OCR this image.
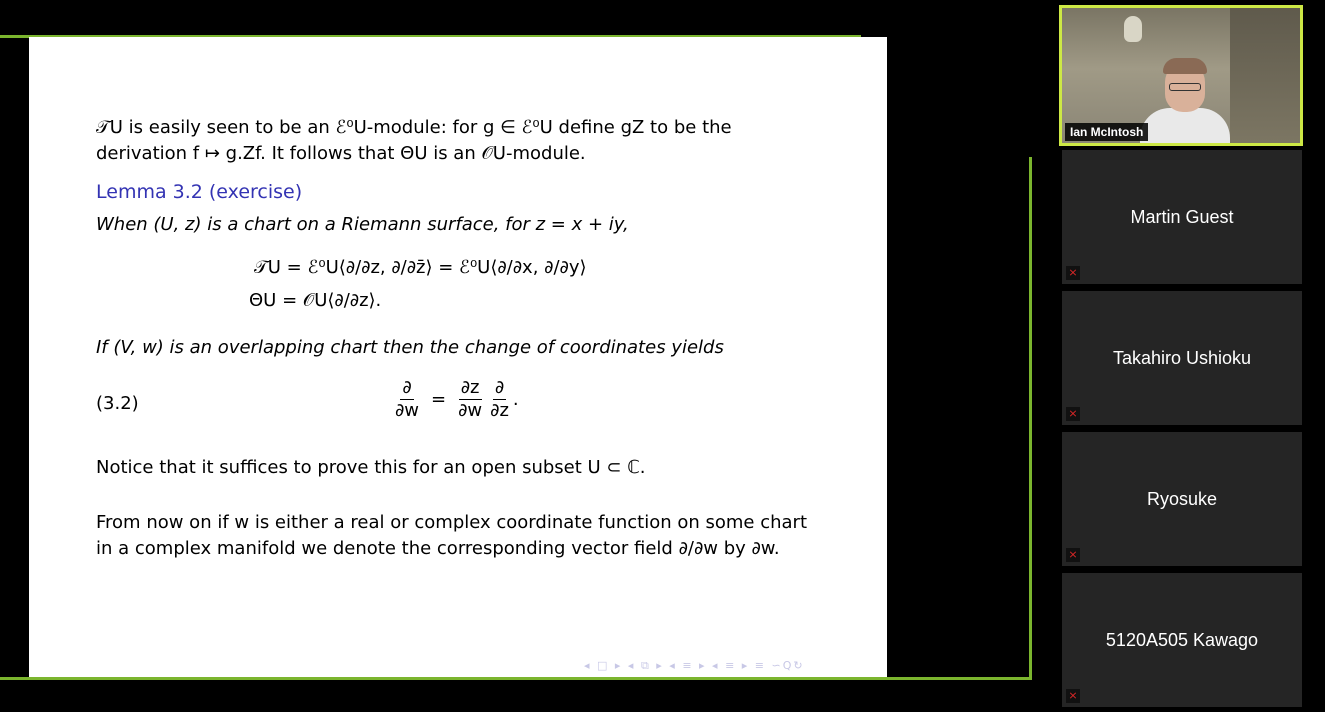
𝒯U is easily seen to be an ℰ⁰U-module: for g ∈ ℰ⁰U define gZ to be the
derivation f ↦ g.Zf. It follows that ΘU is an 𝒪U-module.
Lemma 3.2 (exercise)
When (U, z) is a chart on a Riemann surface, for z = x + iy,
𝒯U = ℰ⁰U⟨∂/∂z, ∂/∂z̄⟩ = ℰ⁰U⟨∂/∂x, ∂/∂y⟩
ΘU = 𝒪U⟨∂/∂z⟩.
If (V, w) is an overlapping chart then the change of coordinates yields
(3.2)	$\frac{\partial}{\partial w} = \frac{\partial z}{\partial w} \frac{\partial}{\partial z}$ .
Notice that it suffices to prove this for an open subset U ⊂ ℂ.
From now on if w is either a real or complex coordinate function on some chart
in a complex manifold we denote the corresponding vector field ∂/∂w by ∂w.
◂ □ ▸ ◂ ⧉ ▸ ◂ ≡ ▸ ◂ ≡ ▸ ≡ ∽Q↻
Ian McIntosh
Martin Guest
⨯
Takahiro Ushioku
⨯
Ryosuke
⨯
5120A505 Kawago
⨯
